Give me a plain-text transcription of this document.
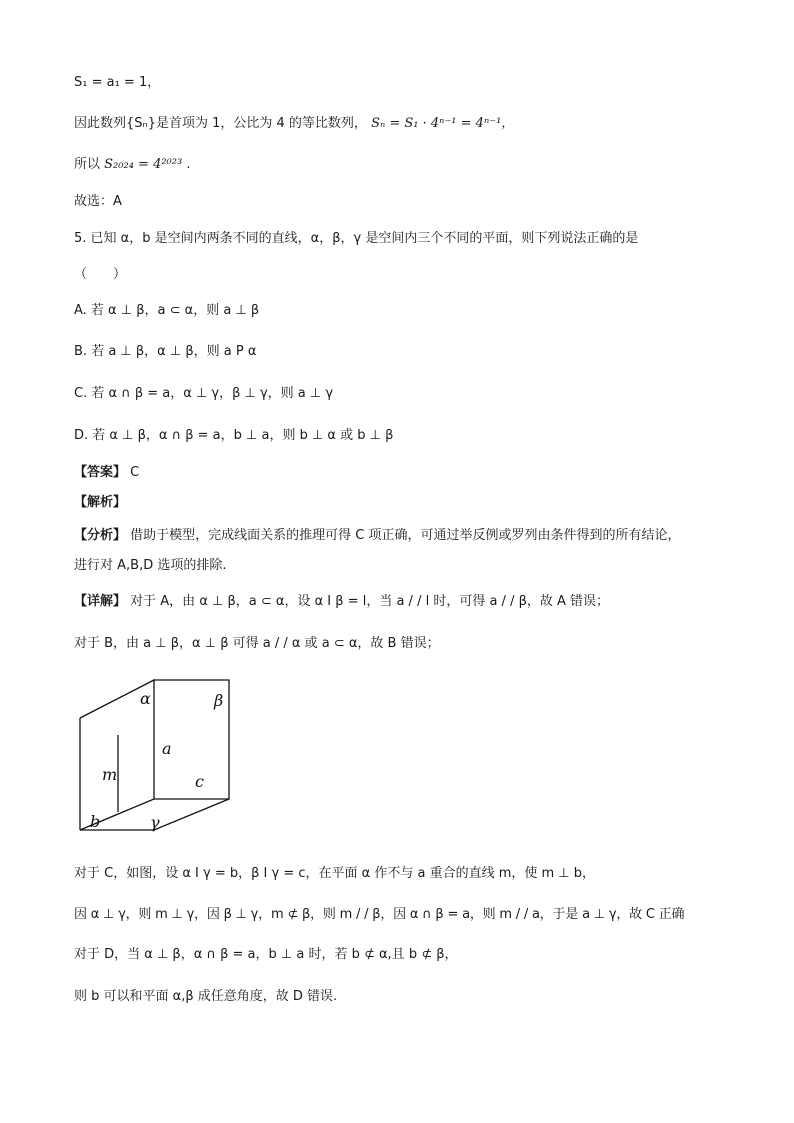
S₁ = a₁ = 1，
因此数列{Sₙ}是首项为 1，公比为 4 的等比数列， Sₙ = S₁ · 4ⁿ⁻¹ = 4ⁿ⁻¹，
所以 S₂₀₂₄ = 4²⁰²³ .
故选：A
5. 已知 α，b 是空间内两条不同的直线，α，β，γ 是空间内三个不同的平面，则下列说法正确的是
（　　）
A. 若 α ⊥ β，a ⊂ α，则 a ⊥ β
B. 若 a ⊥ β，α ⊥ β，则 a P α
C. 若 α ∩ β = a，α ⊥ γ，β ⊥ γ，则 a ⊥ γ
D. 若 α ⊥ β，α ∩ β = a，b ⊥ a，则 b ⊥ α 或 b ⊥ β
【答案】 C
【解析】
【分析】 借助于模型，完成线面关系的推理可得 C 项正确，可通过举反例或罗列由条件得到的所有结论，
进行对 A,B,D 选项的排除.
【详解】 对于 A，由 α ⊥ β，a ⊂ α，设 α I β = l，当 a / / l 时，可得 a / / β，故 A 错误；
对于 B，由 a ⊥ β，α ⊥ β 可得 a / / α 或 a ⊂ α，故 B 错误；
α	β
a
m	c
b	γ
对于 C，如图，设 α I γ = b，β I γ = c，在平面 α 作不与 a 重合的直线 m，使 m ⊥ b，
因 α ⊥ γ，则 m ⊥ γ，因 β ⊥ γ，m ⊄ β，则 m / / β，因 α ∩ β = a，则 m / / a，于是 a ⊥ γ，故 C 正确
对于 D，当 α ⊥ β，α ∩ β = a，b ⊥ a 时，若 b ⊄ α,且 b ⊄ β，
则 b 可以和平面 α,β 成任意角度，故 D 错误.
